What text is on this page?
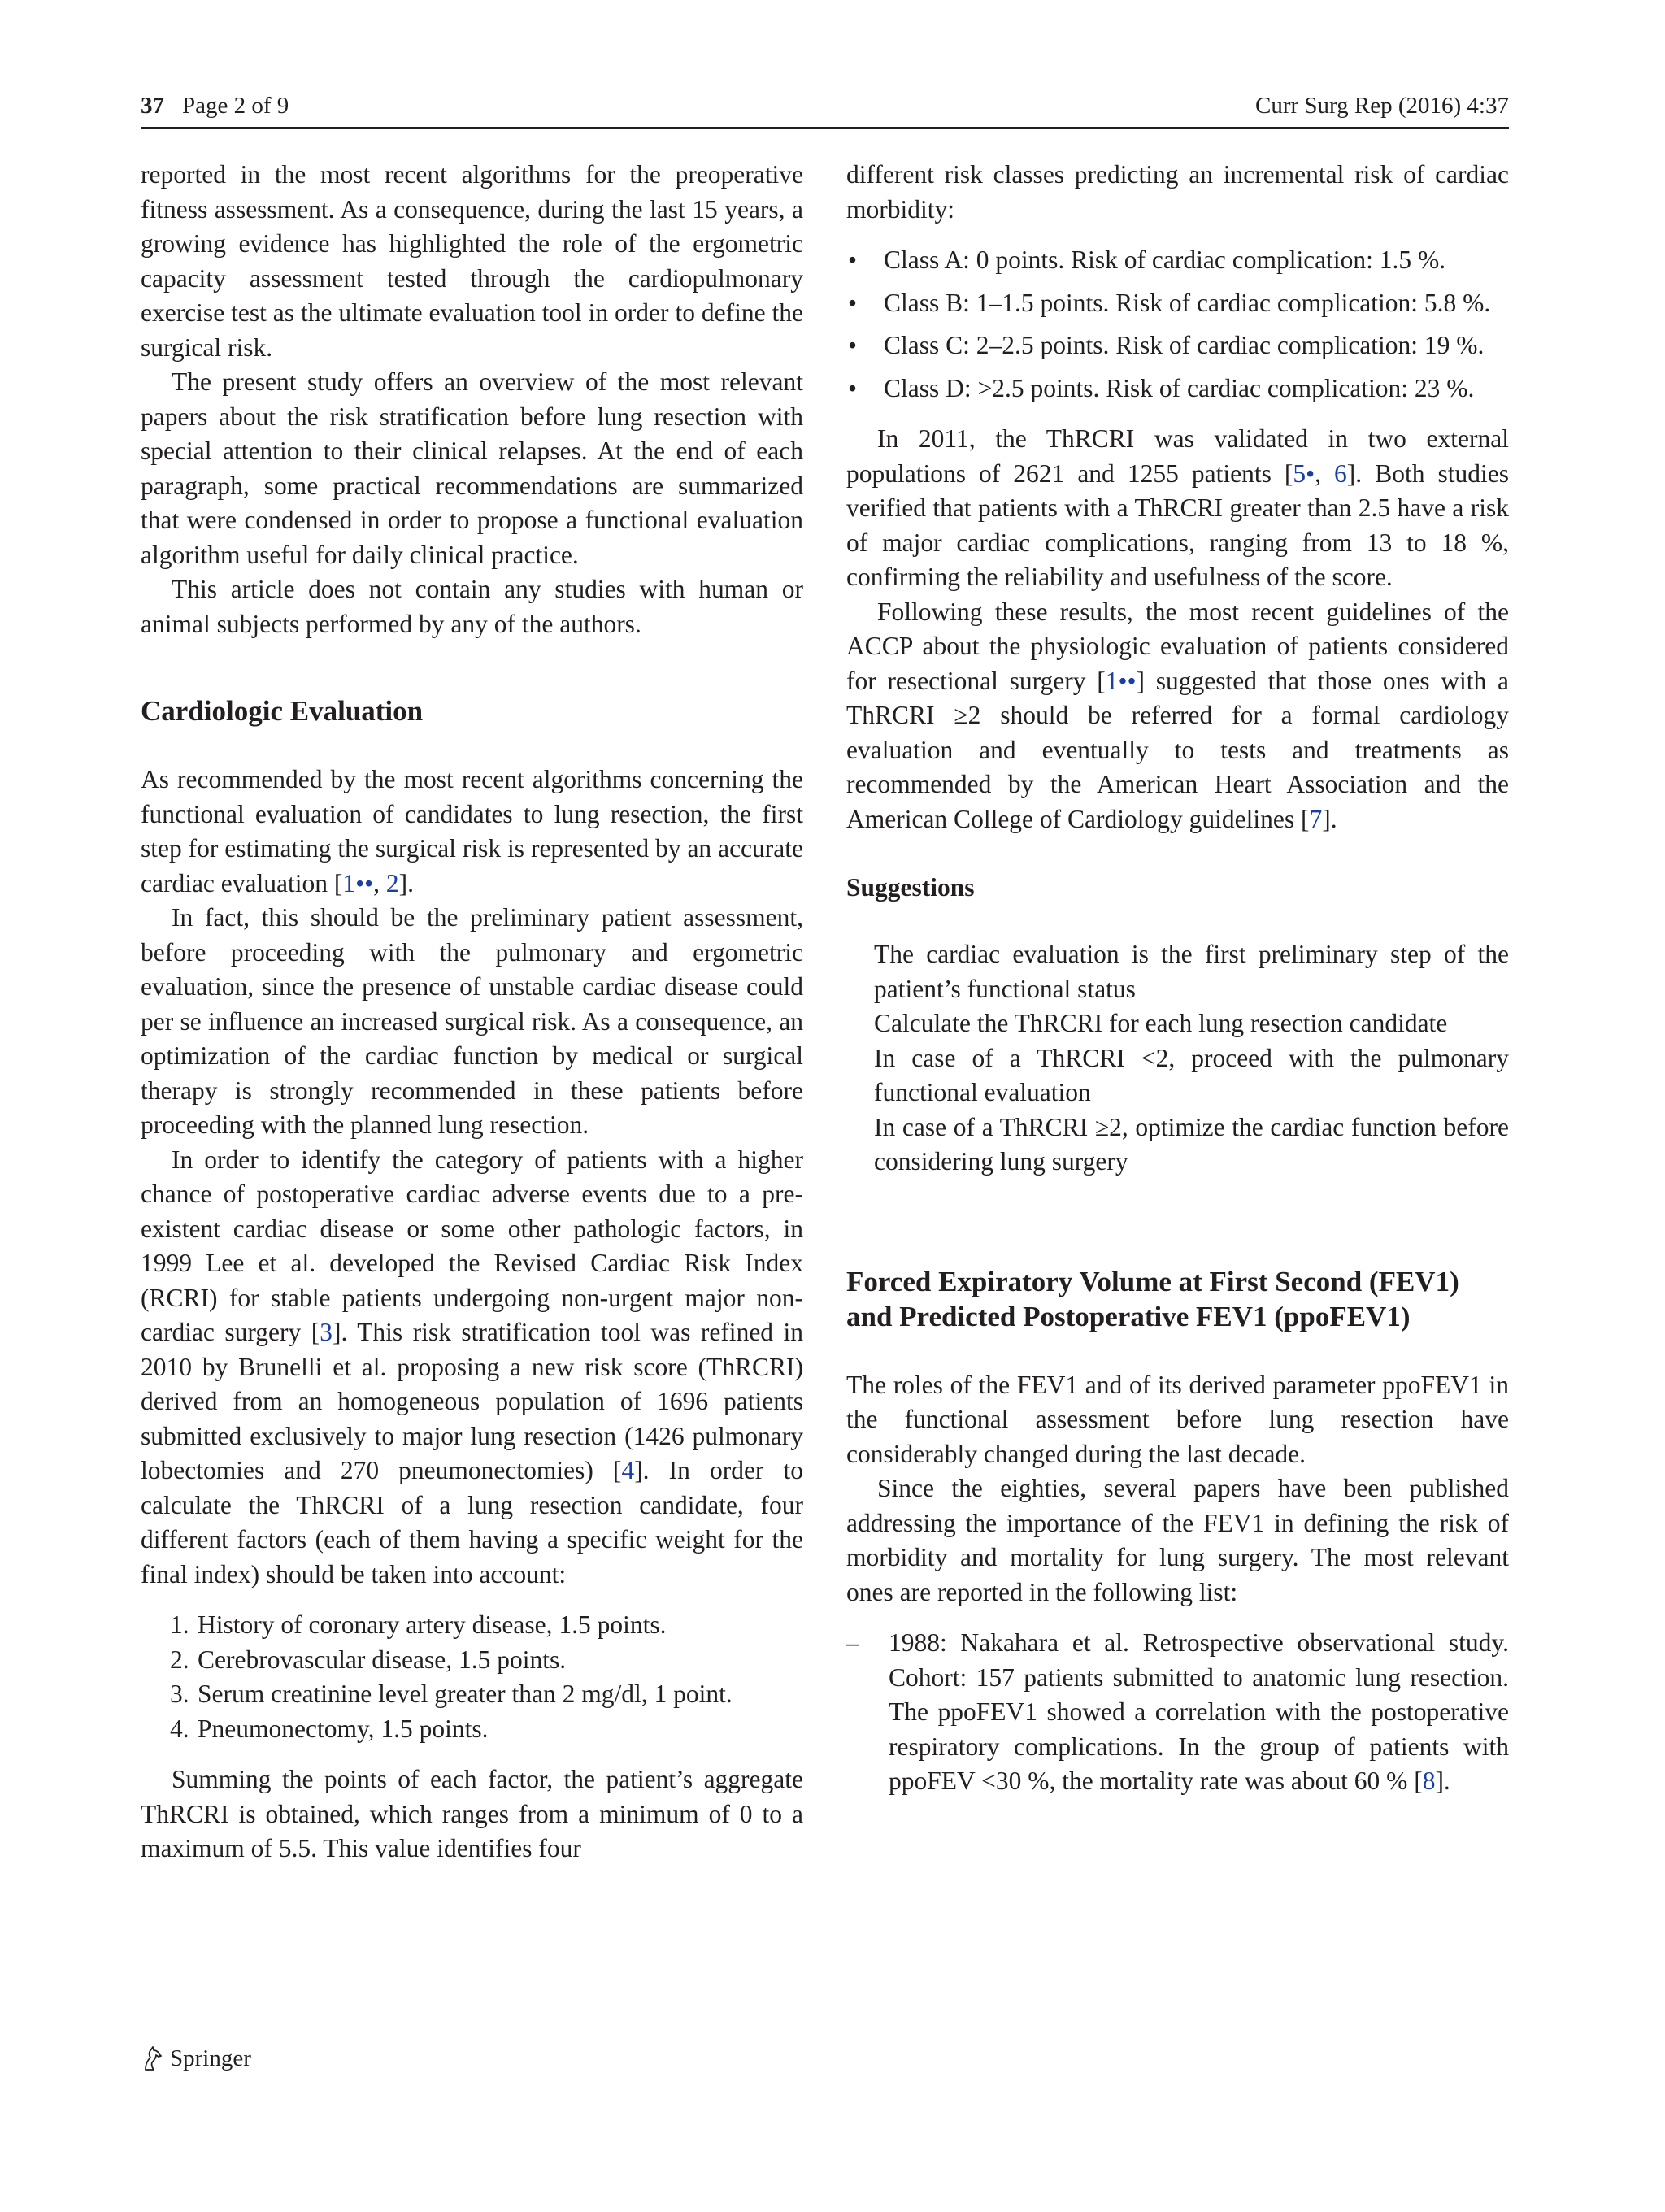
37 Page 2 of 9	Curr Surg Rep (2016) 4:37

reported in the most recent algorithms for the preoperative fitness assessment. As a consequence, during the last 15 years, a growing evidence has highlighted the role of the ergometric capacity assessment tested through the cardiopulmonary exercise test as the ultimate evaluation tool in order to define the surgical risk.

The present study offers an overview of the most relevant papers about the risk stratification before lung resection with special attention to their clinical relapses. At the end of each paragraph, some practical recommendations are summarized that were condensed in order to propose a functional evaluation algorithm useful for daily clinical practice.

This article does not contain any studies with human or animal subjects performed by any of the authors.

Cardiologic Evaluation

As recommended by the most recent algorithms concerning the functional evaluation of candidates to lung resection, the first step for estimating the surgical risk is represented by an accurate cardiac evaluation [1••, 2].

In fact, this should be the preliminary patient assessment, before proceeding with the pulmonary and ergometric evaluation, since the presence of unstable cardiac disease could per se influence an increased surgical risk. As a consequence, an optimization of the cardiac function by medical or surgical therapy is strongly recommended in these patients before proceeding with the planned lung resection.

In order to identify the category of patients with a higher chance of postoperative cardiac adverse events due to a pre-existent cardiac disease or some other pathologic factors, in 1999 Lee et al. developed the Revised Cardiac Risk Index (RCRI) for stable patients undergoing non-urgent major non-cardiac surgery [3]. This risk stratification tool was refined in 2010 by Brunelli et al. proposing a new risk score (ThRCRI) derived from an homogeneous population of 1696 patients submitted exclusively to major lung resection (1426 pulmonary lobectomies and 270 pneumonectomies) [4]. In order to calculate the ThRCRI of a lung resection candidate, four different factors (each of them having a specific weight for the final index) should be taken into account:

1. History of coronary artery disease, 1.5 points.
2. Cerebrovascular disease, 1.5 points.
3. Serum creatinine level greater than 2 mg/dl, 1 point.
4. Pneumonectomy, 1.5 points.

Summing the points of each factor, the patient’s aggregate ThRCRI is obtained, which ranges from a minimum of 0 to a maximum of 5.5. This value identifies four

different risk classes predicting an incremental risk of cardiac morbidity:

•	Class A: 0 points. Risk of cardiac complication: 1.5 %.
•	Class B: 1–1.5 points. Risk of cardiac complication: 5.8 %.
•	Class C: 2–2.5 points. Risk of cardiac complication: 19 %.
•	Class D: >2.5 points. Risk of cardiac complication: 23 %.

In 2011, the ThRCRI was validated in two external populations of 2621 and 1255 patients [5•, 6]. Both studies verified that patients with a ThRCRI greater than 2.5 have a risk of major cardiac complications, ranging from 13 to 18 %, confirming the reliability and usefulness of the score.

Following these results, the most recent guidelines of the ACCP about the physiologic evaluation of patients considered for resectional surgery [1••] suggested that those ones with a ThRCRI ≥2 should be referred for a formal cardiology evaluation and eventually to tests and treatments as recommended by the American Heart Association and the American College of Cardiology guidelines [7].

Suggestions
The cardiac evaluation is the first preliminary step of the patient’s functional status
Calculate the ThRCRI for each lung resection candidate
In case of a ThRCRI <2, proceed with the pulmonary functional evaluation
In case of a ThRCRI ≥2, optimize the cardiac function before considering lung surgery
Forced Expiratory Volume at First Second (FEV1) and Predicted Postoperative FEV1 (ppoFEV1)

The roles of the FEV1 and of its derived parameter ppoFEV1 in the functional assessment before lung resection have considerably changed during the last decade.

Since the eighties, several papers have been published addressing the importance of the FEV1 in defining the risk of morbidity and mortality for lung surgery. The most relevant ones are reported in the following list:

–	1988: Nakahara et al. Retrospective observational study. Cohort: 157 patients submitted to anatomic lung resection. The ppoFEV1 showed a correlation with the postoperative respiratory complications. In the group of patients with ppoFEV <30 %, the mortality rate was about 60 % [8].
Springer
